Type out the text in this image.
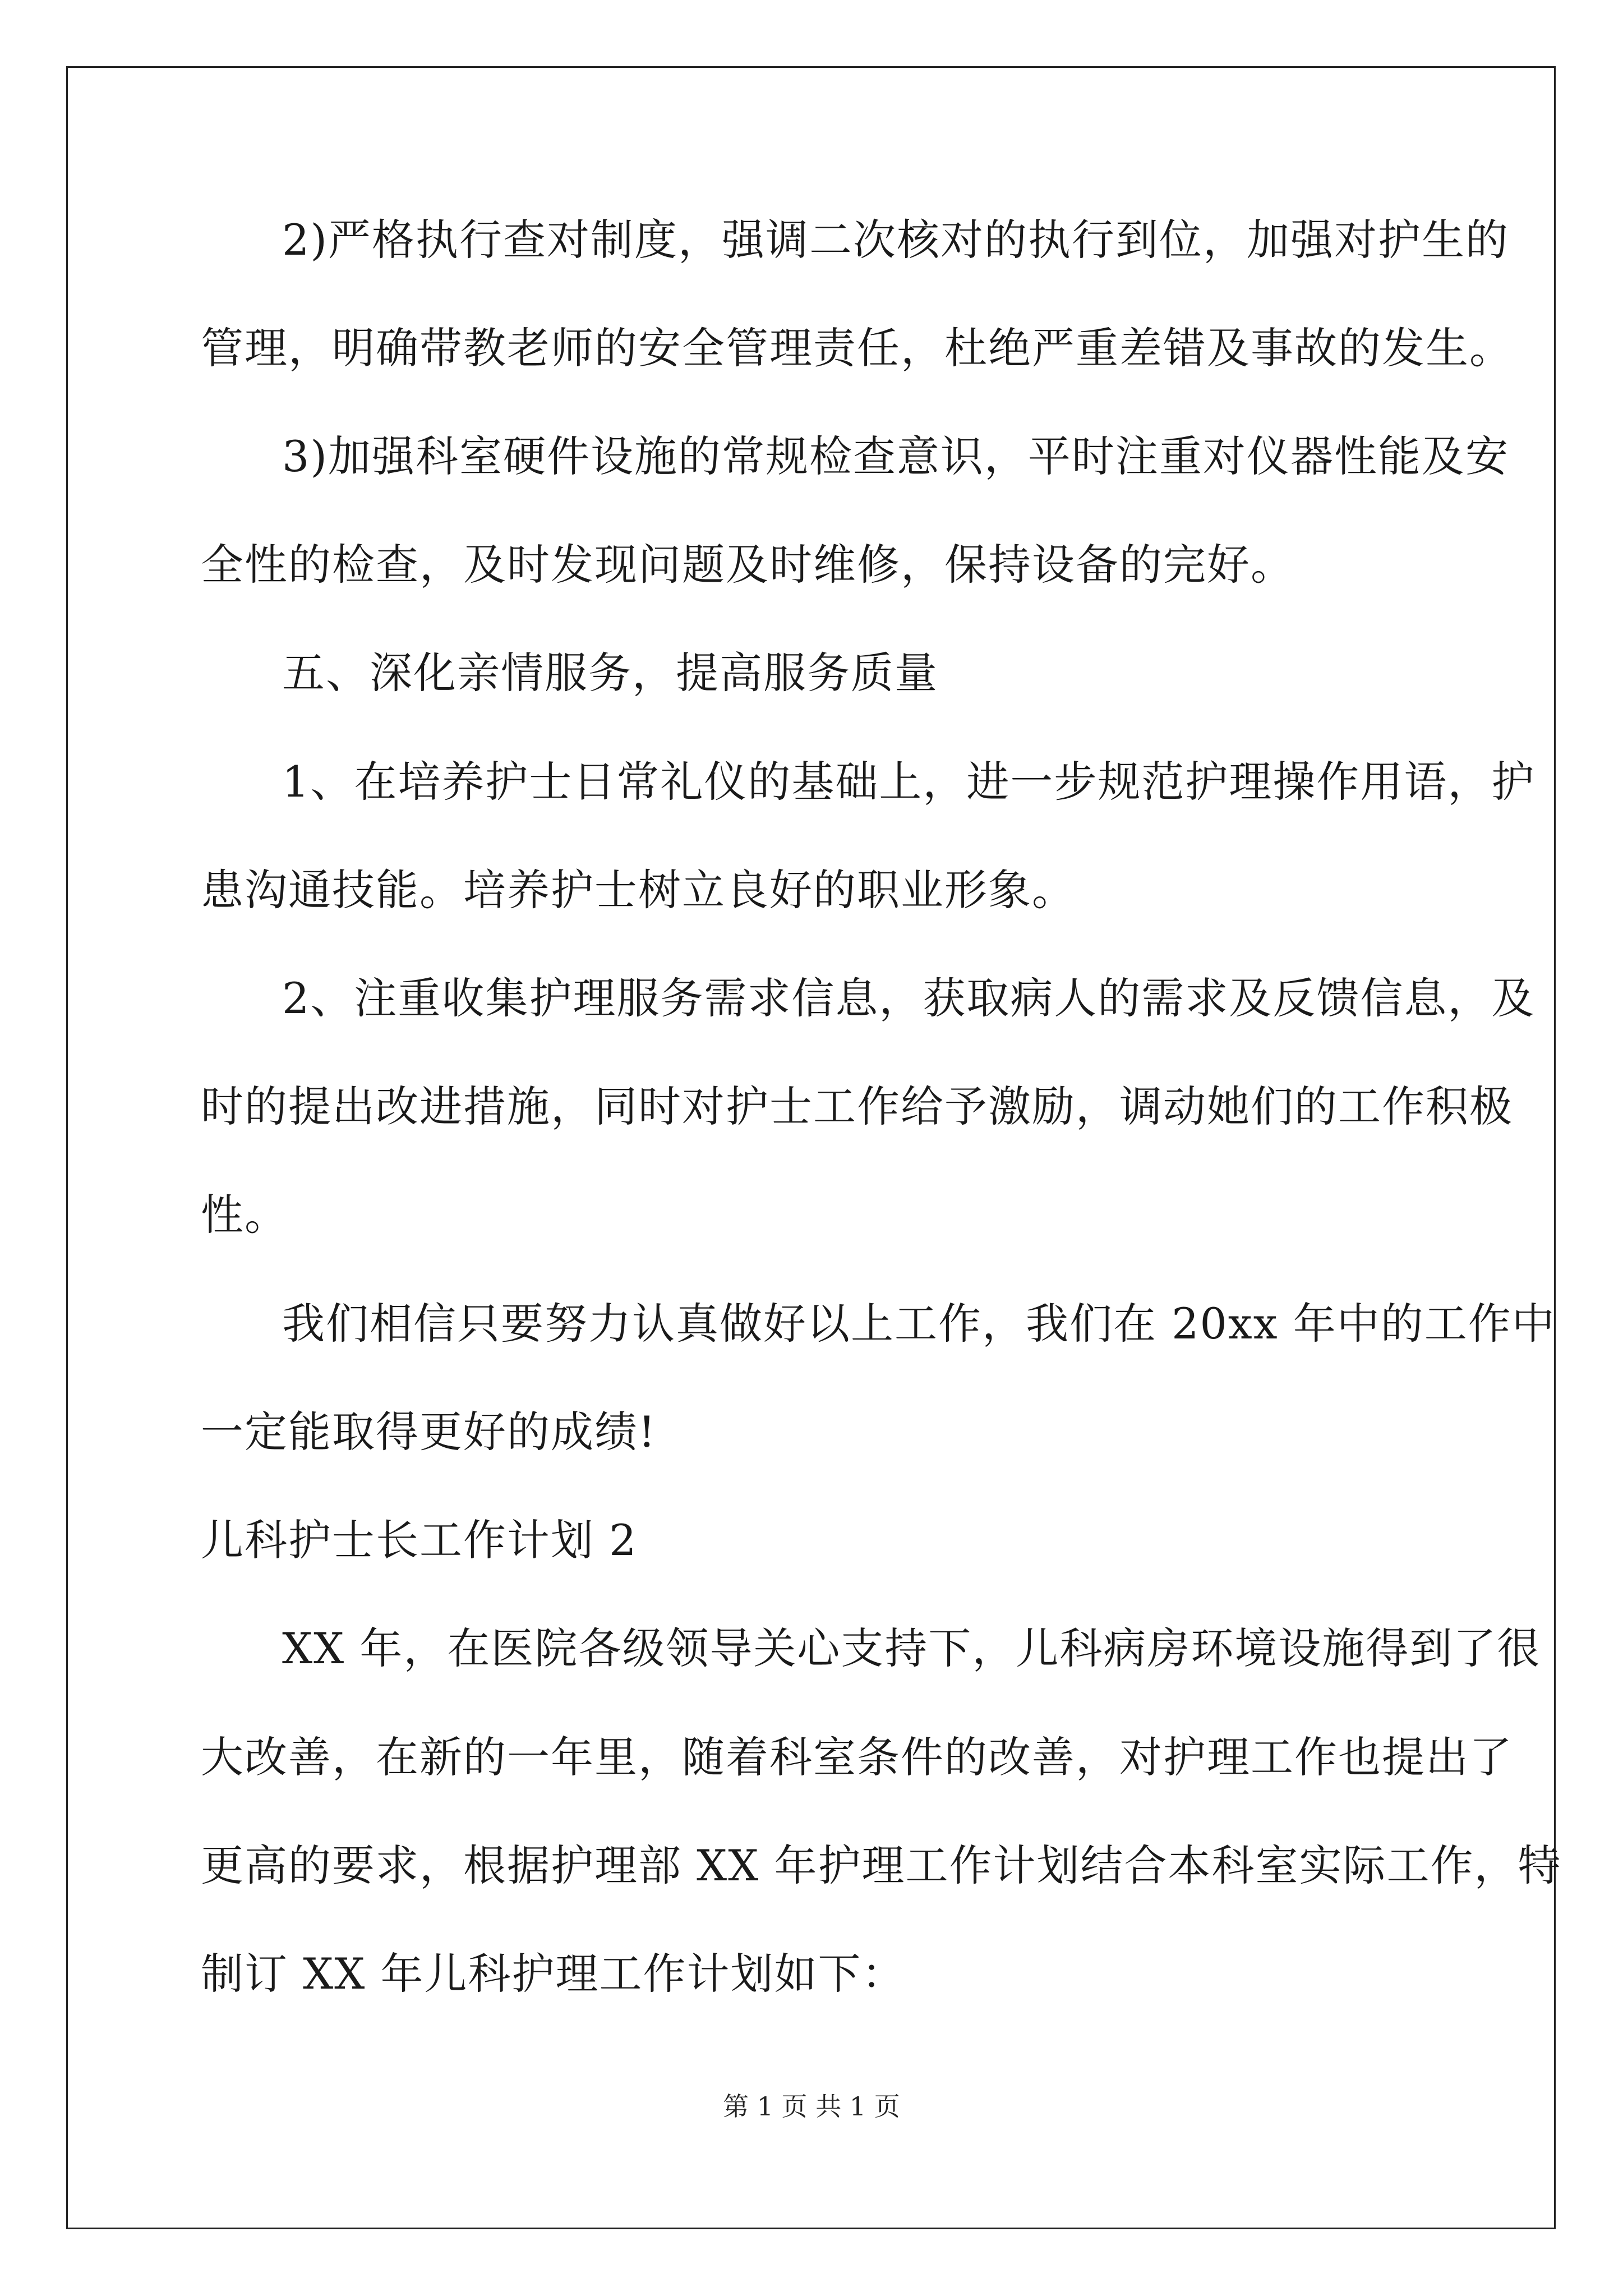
2)严格执行查对制度，强调二次核对的执行到位，加强对护生的
管理，明确带教老师的安全管理责任，杜绝严重差错及事故的发生。
3)加强科室硬件设施的常规检查意识，平时注重对仪器性能及安
全性的检查，及时发现问题及时维修，保持设备的完好。
五、深化亲情服务，提高服务质量
1、在培养护士日常礼仪的基础上，进一步规范护理操作用语，护
患沟通技能。培养护士树立良好的职业形象。
2、注重收集护理服务需求信息，获取病人的需求及反馈信息，及
时的提出改进措施，同时对护士工作给予激励，调动她们的工作积极
性。
我们相信只要努力认真做好以上工作，我们在 20xx 年中的工作中
一定能取得更好的成绩!
儿科护士长工作计划 2
XX 年，在医院各级领导关心支持下，儿科病房环境设施得到了很
大改善，在新的一年里，随着科室条件的改善，对护理工作也提出了
更高的要求，根据护理部 XX 年护理工作计划结合本科室实际工作，特
制订 XX 年儿科护理工作计划如下：
第 1 页 共 1 页
